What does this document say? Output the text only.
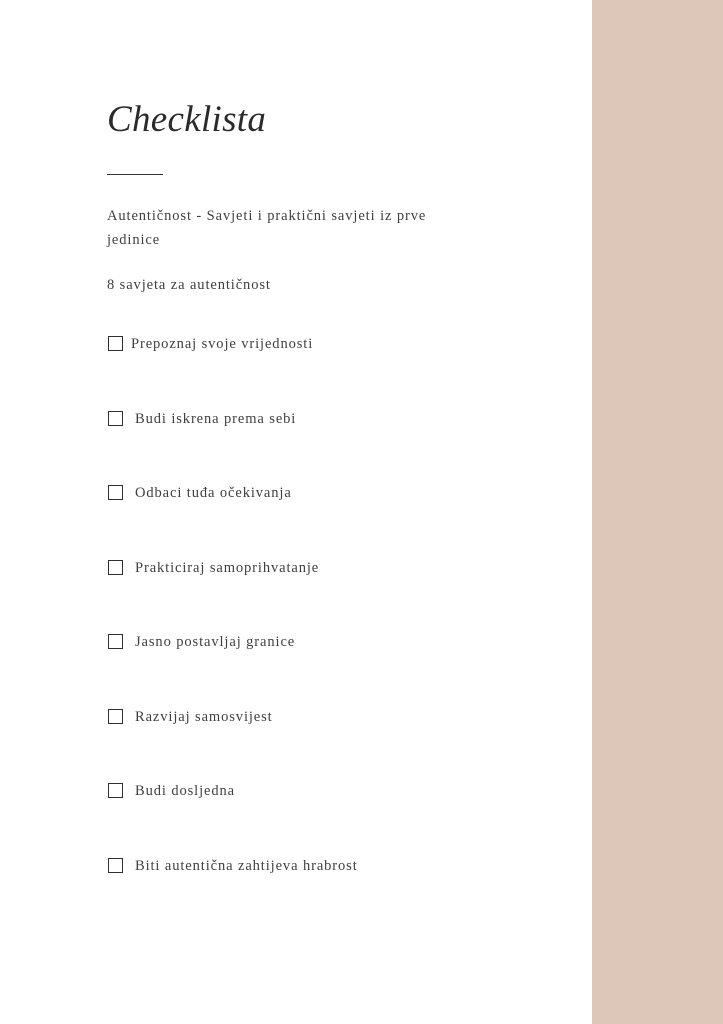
Checklista

Autentičnost - Savjeti i praktični savjeti iz prve jedinice

8 savjeta za autentičnost

Prepoznaj svoje vrijednosti
Budi iskrena prema sebi
Odbaci tuđa očekivanja
Prakticiraj samoprihvatanje
Jasno postavljaj granice
Razvijaj samosvijest
Budi dosljedna
Biti autentična zahtijeva hrabrost
